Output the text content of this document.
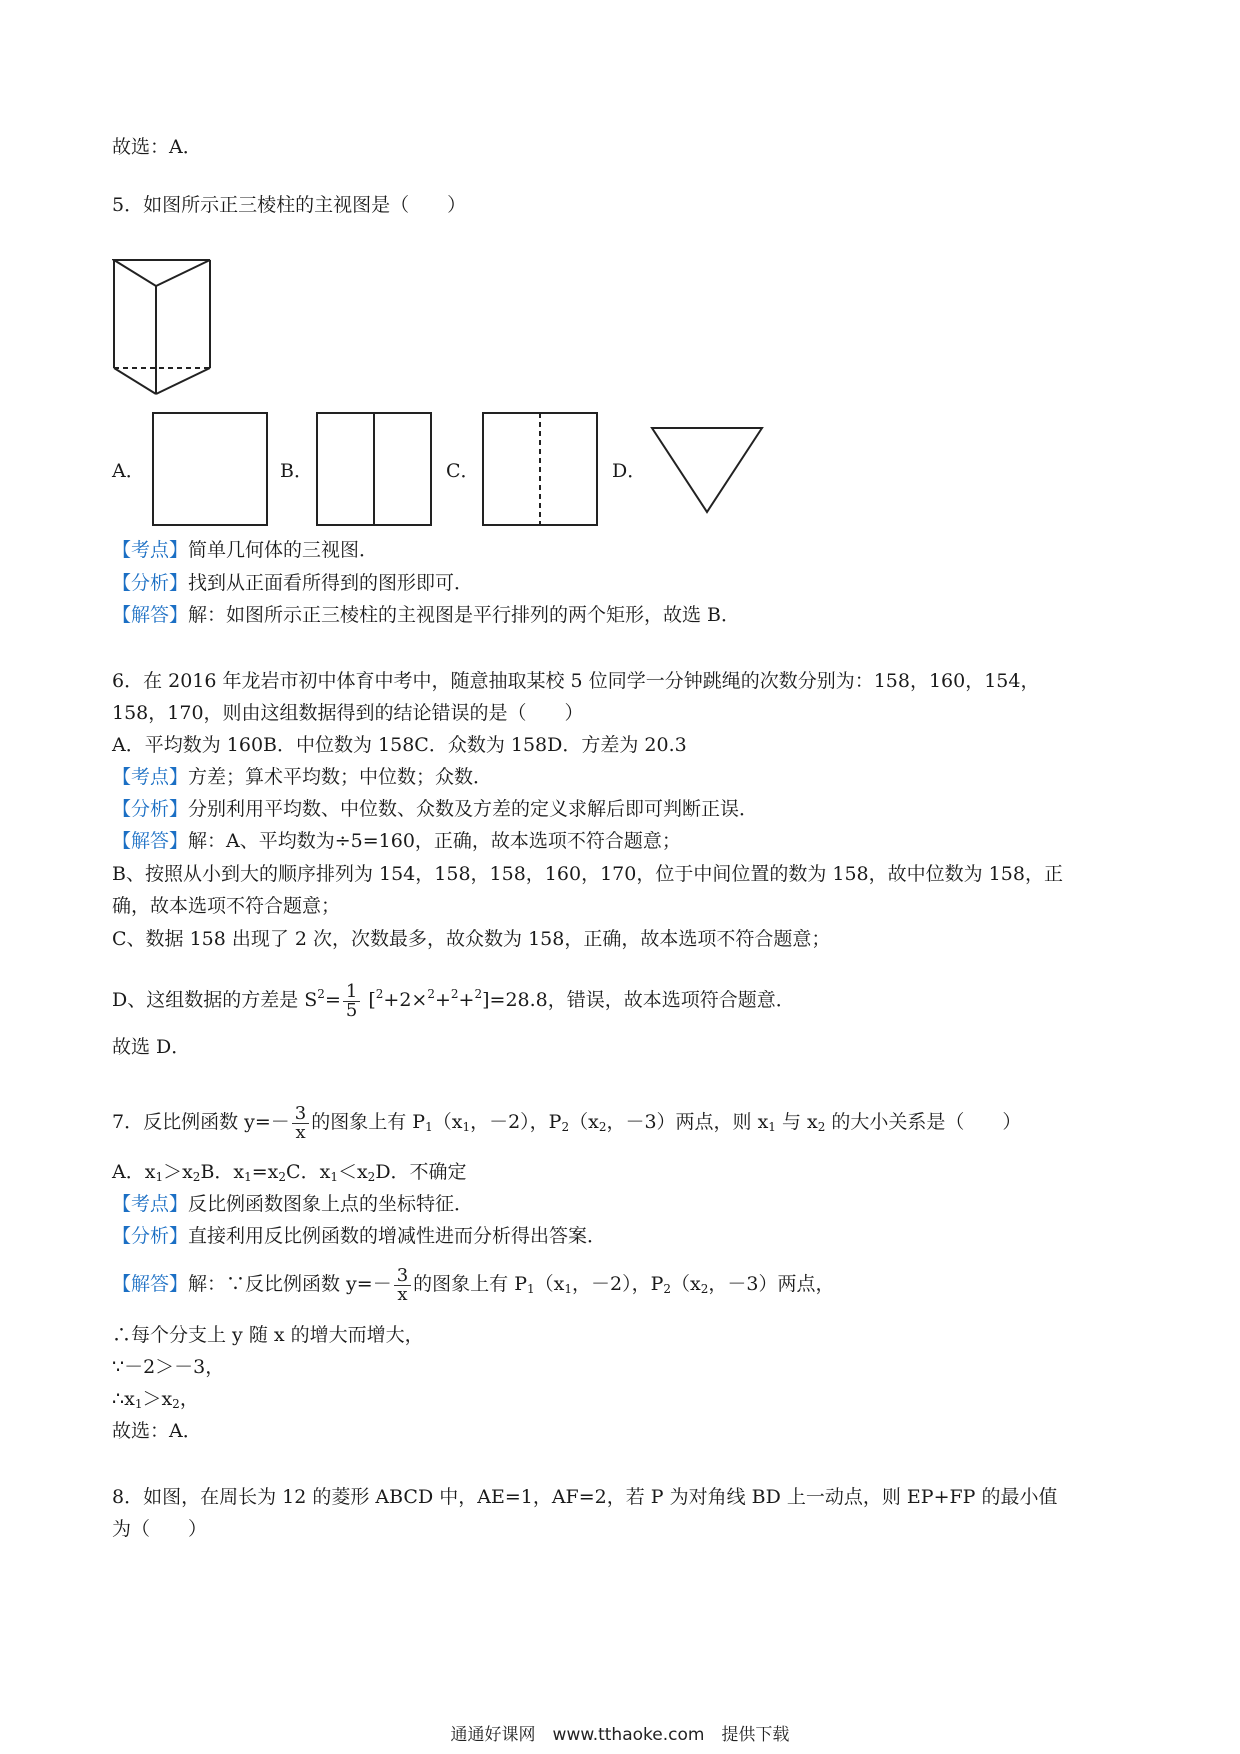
故选：A．
5．如图所示正三棱柱的主视图是（　　）
A．	B．	C．	D．
【考点】简单几何体的三视图．
【分析】找到从正面看所得到的图形即可．
【解答】解：如图所示正三棱柱的主视图是平行排列的两个矩形，故选 B．
6．在 2016 年龙岩市初中体育中考中，随意抽取某校 5 位同学一分钟跳绳的次数分别为：158，160，154，
158，170，则由这组数据得到的结论错误的是（　　）
A．平均数为 160B．中位数为 158C．众数为 158D．方差为 20.3
【考点】方差；算术平均数；中位数；众数．
【分析】分别利用平均数、中位数、众数及方差的定义求解后即可判断正误．
【解答】解：A、平均数为÷5=160，正确，故本选项不符合题意；
B、按照从小到大的顺序排列为 154，158，158，160，170，位于中间位置的数为 158，故中位数为 158，正
确，故本选项不符合题意；
C、数据 158 出现了 2 次，次数最多，故众数为 158，正确，故本选项不符合题意；
D、这组数据的方差是 $S^2= \frac{1}{5} [^2+2\times^2+^2+^2]=28.8$，错误，故本选项符合题意．
故选 D．
7．反比例函数 $y=- \frac{3}{x}$ 的图象上有 $P_1(x_1$，－2），$P_2(x_2$，－3）两点，则 $x_1$ 与 $x_2$ 的大小关系是（　　）
A．$x_1>x_2B$．$x_1=x_2C$．$x_1<x_2D$．不确定
【考点】反比例函数图象上点的坐标特征．
【分析】直接利用反比例函数的增减性进而分析得出答案．
【解答】解：∵反比例函数 $y=- \frac{3}{x}$ 的图象上有 $P_1(x_1$，－2），$P_2(x_2$，－3）两点，
∴每个分支上 y 随 x 的增大而增大，
∵－2＞－3，
$\therefore x_1>x_2$，
故选：A．
8．如图，在周长为 12 的菱形 ABCD 中，AE=1，AF=2，若 P 为对角线 BD 上一动点，则 EP+FP 的最小值
为（　　）
通通好课网　www.tthaoke.com　提供下载
